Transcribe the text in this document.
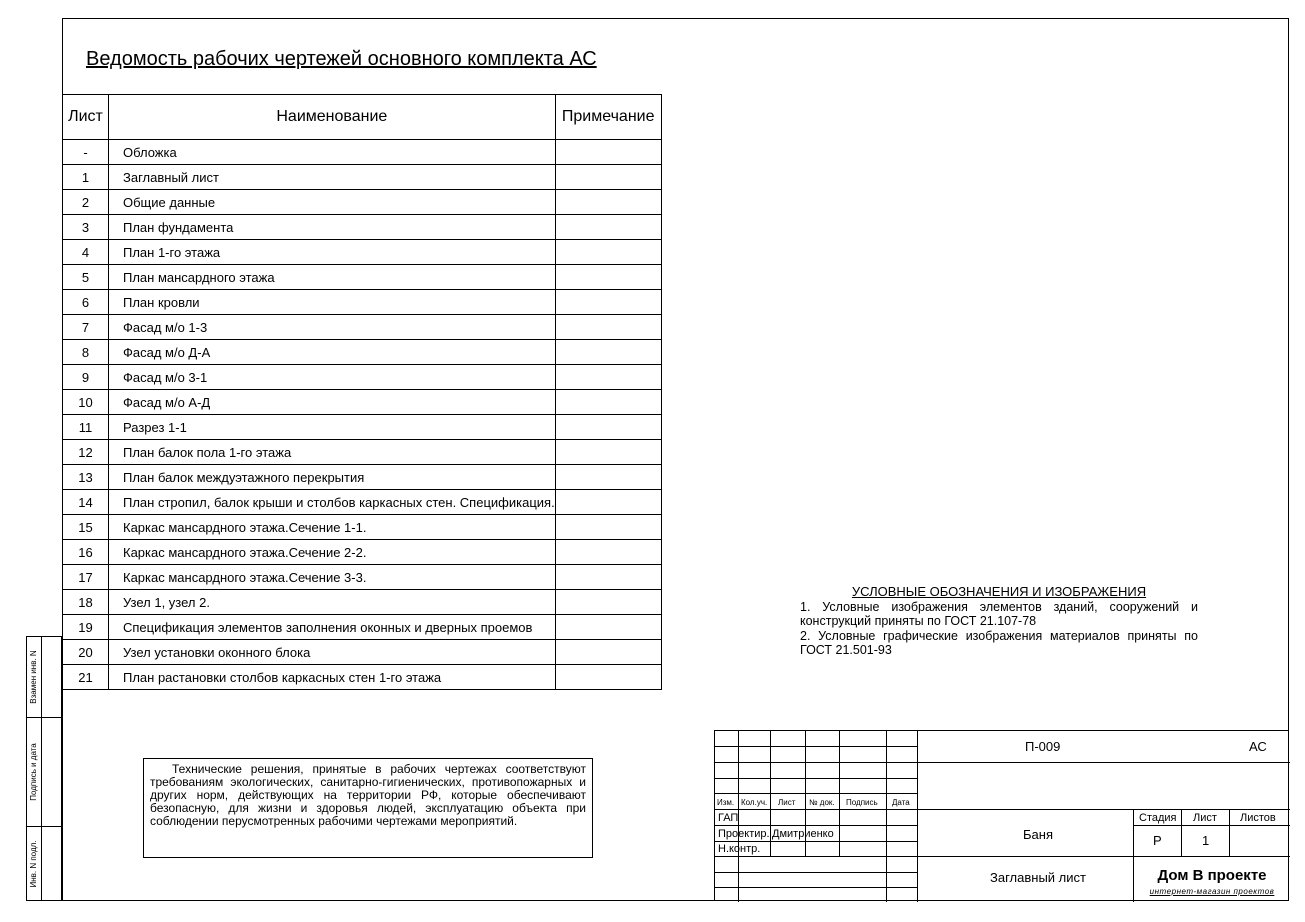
Ведомость рабочих чертежей основного комплекта АС
Лист	Наименование	Примечание
-	Обложка	
1	Заглавный лист	
2	Общие данные	
3	План фундамента	
4	План 1-го этажа	
5	План мансардного этажа	
6	План кровли	
7	Фасад м/о 1-3	
8	Фасад м/о Д-А	
9	Фасад м/о 3-1	
10	Фасад м/о А-Д	
11	Разрез 1-1	
12	План балок пола 1-го этажа	
13	План балок междуэтажного перекрытия	
14	План стропил, балок крыши и столбов каркасных стен. Спецификация.	
15	Каркас мансардного этажа.Сечение 1-1.	
16	Каркас мансардного этажа.Сечение 2-2.	
17	Каркас мансардного этажа.Сечение 3-3.	
18	Узел 1, узел 2.	
19	Спецификация элементов заполнения оконных и дверных проемов	
20	Узел установки оконного блока	
21	План растановки столбов каркасных стен 1-го этажа	
УСЛОВНЫЕ ОБОЗНАЧЕНИЯ И ИЗОБРАЖЕНИЯ

1. Условные изображения элементов зданий, сооружений и конструкций приняты по ГОСТ 21.107-78

2. Условные графические изображения материалов приняты по ГОСТ 21.501-93

Технические решения, принятые в рабочих чертежах соответствуют требованиям экологических, санитарно-гигиенических, противопожарных и других норм, действующих на территории РФ, которые обеспечивают безопасную, для жизни и здоровья людей, эксплуатацию объекта при соблюдении перусмотренных рабочими чертежами мероприятий.
Взамен инв. N
Подпись и дата
Инв. N подл.
Изм. Кол.уч. Лист № док. Подпись Дата
ГАП
Проектир. Дмитриенко
Н.контр.
П-009	АС
Баня
Заглавный лист
Стадия Лист Листов
Р	1
Дом В проекте
интернет-магазин проектов
